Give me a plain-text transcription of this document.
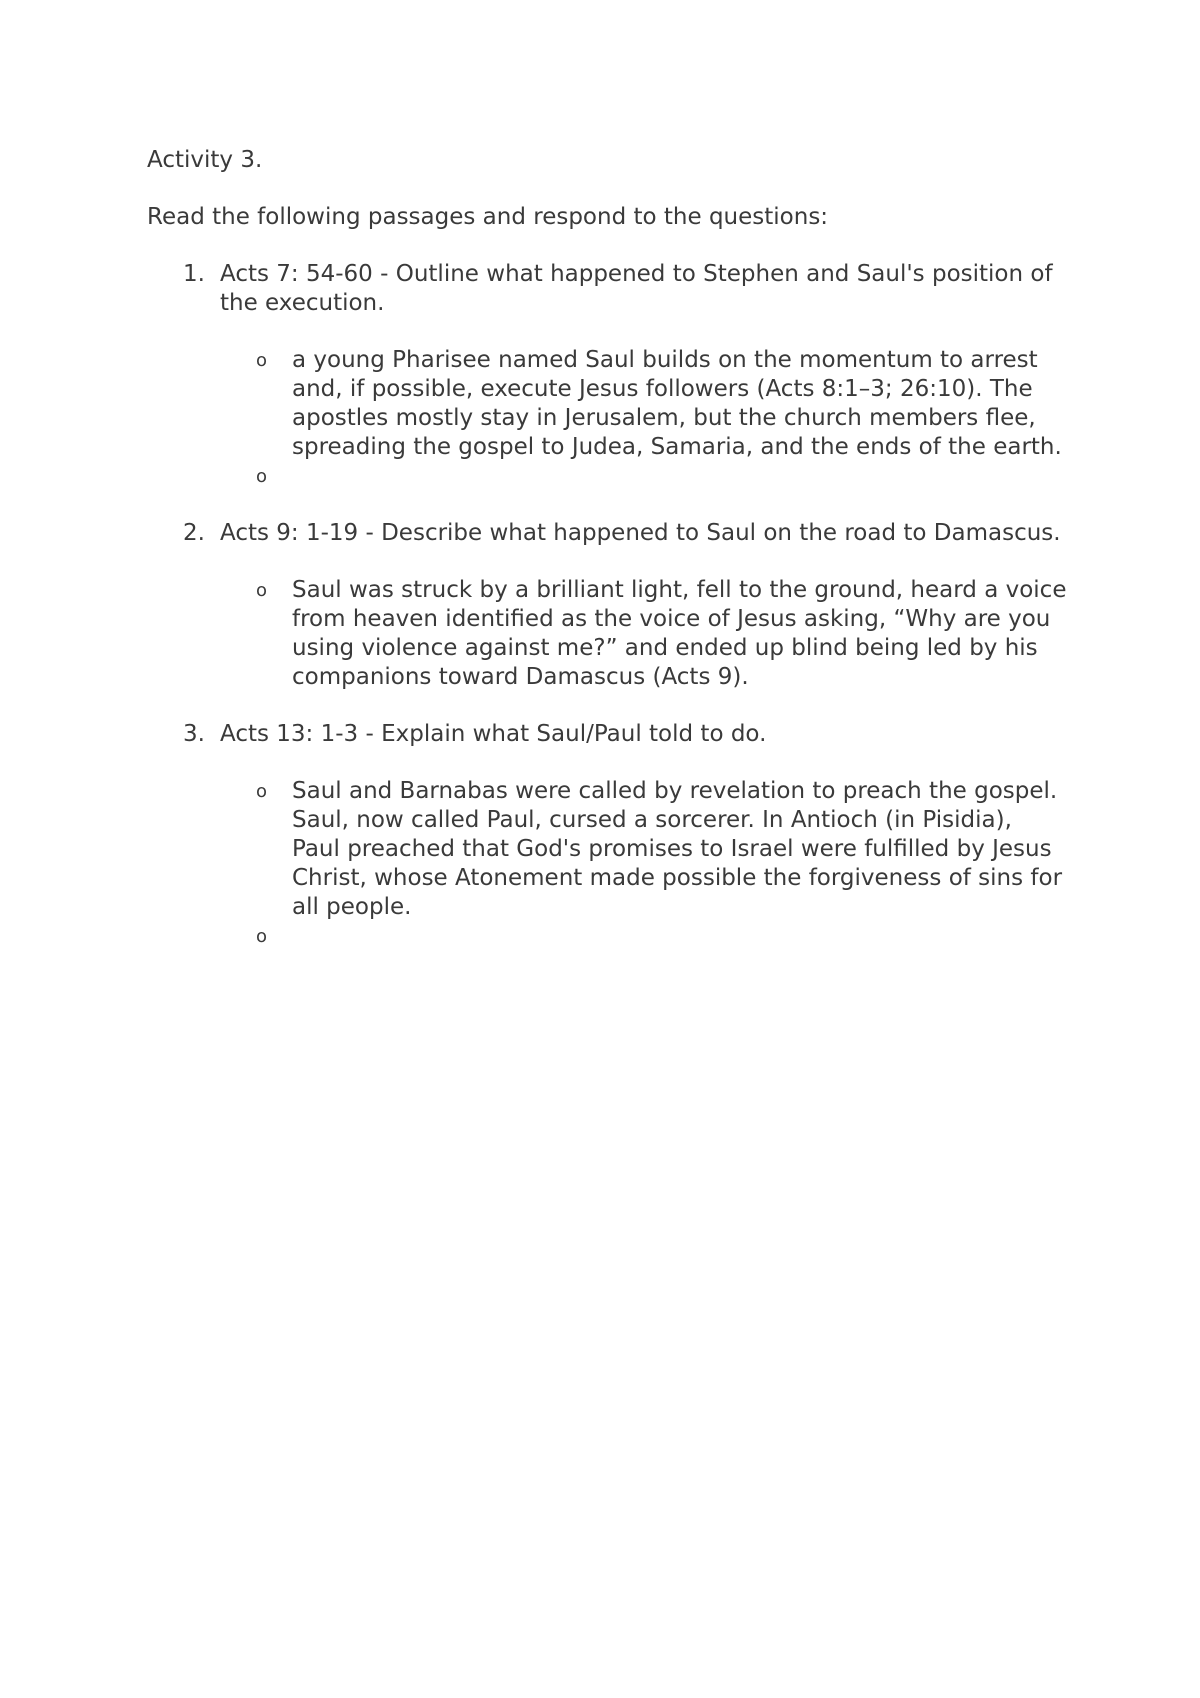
Activity 3.

Read the following passages and respond to the questions:

1. Acts 7: 54-60 - Outline what happened to Stephen and Saul's position of the execution.
o a young Pharisee named Saul builds on the momentum to arrest and, if possible, execute Jesus followers (Acts 8:1–3; 26:10). The apostles mostly stay in Jerusalem, but the church members flee, spreading the gospel to Judea, Samaria, and the ends of the earth.
o
2. Acts 9: 1-19 - Describe what happened to Saul on the road to Damascus.
o Saul was struck by a brilliant light, fell to the ground, heard a voice from heaven identified as the voice of Jesus asking, “Why are you using violence against me?” and ended up blind being led by his companions toward Damascus (Acts 9).
3. Acts 13: 1-3 - Explain what Saul/Paul told to do.
o Saul and Barnabas were called by revelation to preach the gospel. Saul, now called Paul, cursed a sorcerer. In Antioch (in Pisidia), Paul preached that God's promises to Israel were fulfilled by Jesus Christ, whose Atonement made possible the forgiveness of sins for all people.
o
